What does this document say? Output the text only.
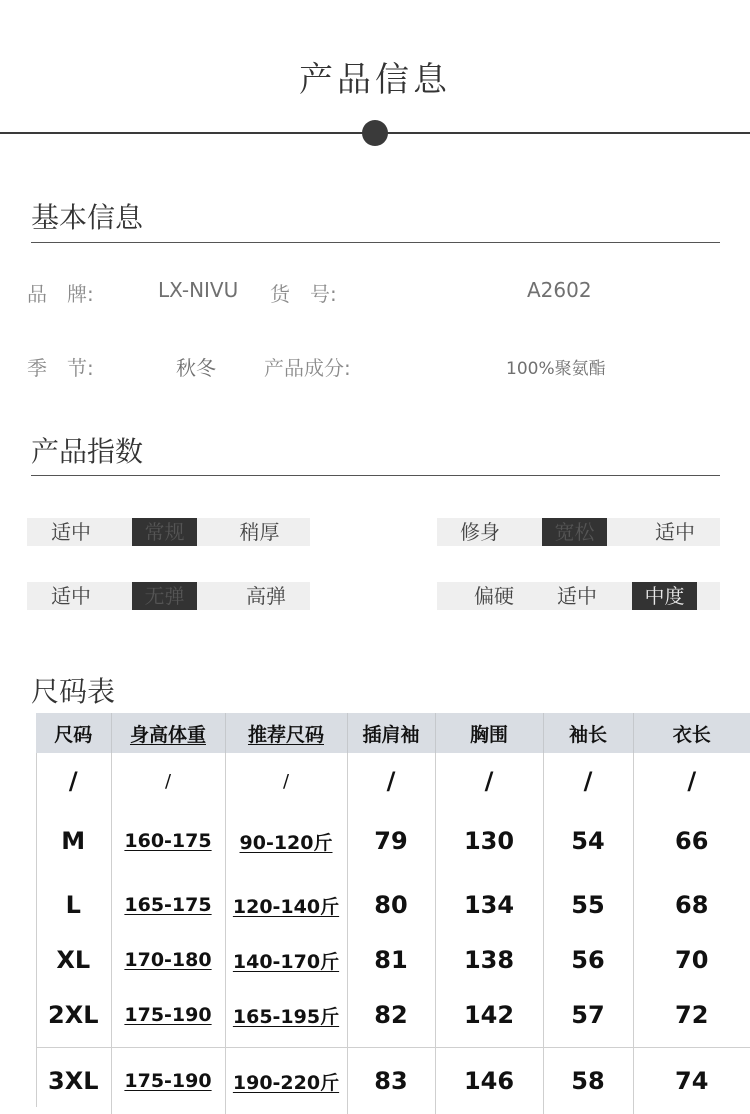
产品信息
基本信息
品　牌:	LX-NIVU 货　号:	A2602
季　节:	秋冬 产品成分:	100%聚氨酯
产品指数
适中	常规	稍厚	修身	宽松	适中
适中	无弹	高弹	偏硬	适中	中度
尺码表
尺码	身高体重	推荐尺码	插肩袖	胸围	袖长	衣长
/	/	/	/	/	/	/
M	160-175	90-120斤	79	130	54	66
L	165-175	120-140斤	80	134	55	68
XL	170-180	140-170斤	81	138	56	70
2XL	175-190	165-195斤	82	142	57	72
3XL	175-190	190-220斤	83	146	58	74
